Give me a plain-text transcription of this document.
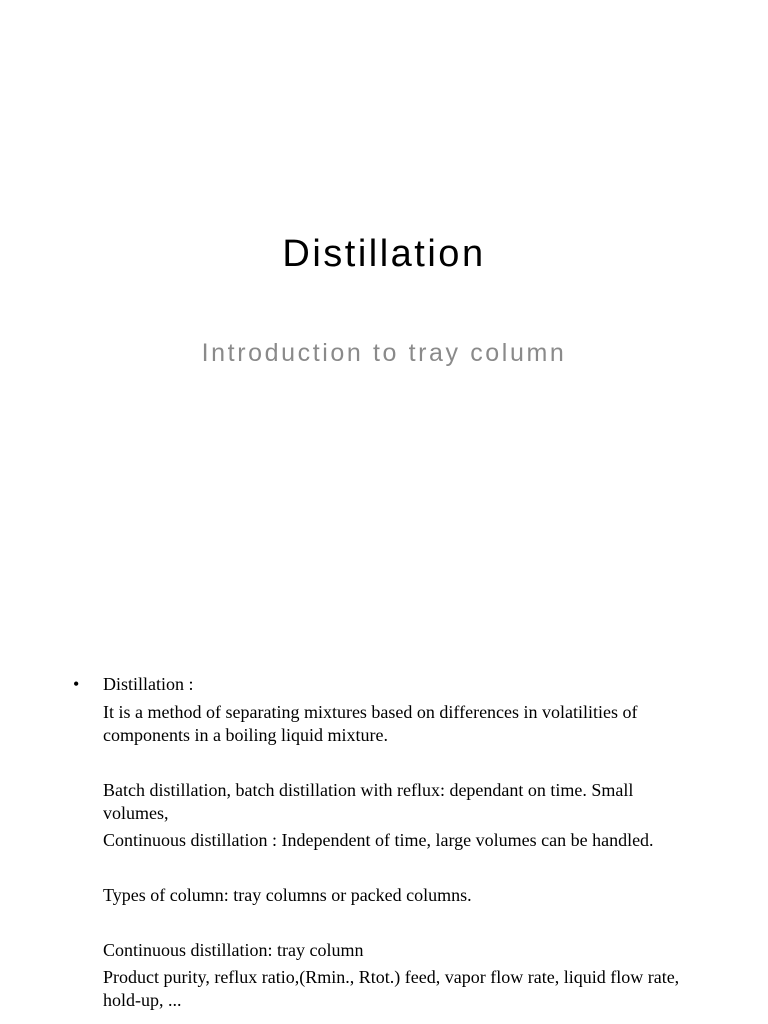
Distillation
Introduction to tray column
• Distillation :

It is a method of separating mixtures based on differences in volatilities of components in a boiling liquid mixture.

Batch distillation, batch distillation with reflux: dependant on time. Small volumes,

Continuous distillation : Independent of time, large volumes can be handled.

Types of column: tray columns or packed columns.

Continuous distillation: tray column

Product purity, reflux ratio,(Rmin., Rtot.) feed, vapor flow rate, liquid flow rate, hold-up, ...
